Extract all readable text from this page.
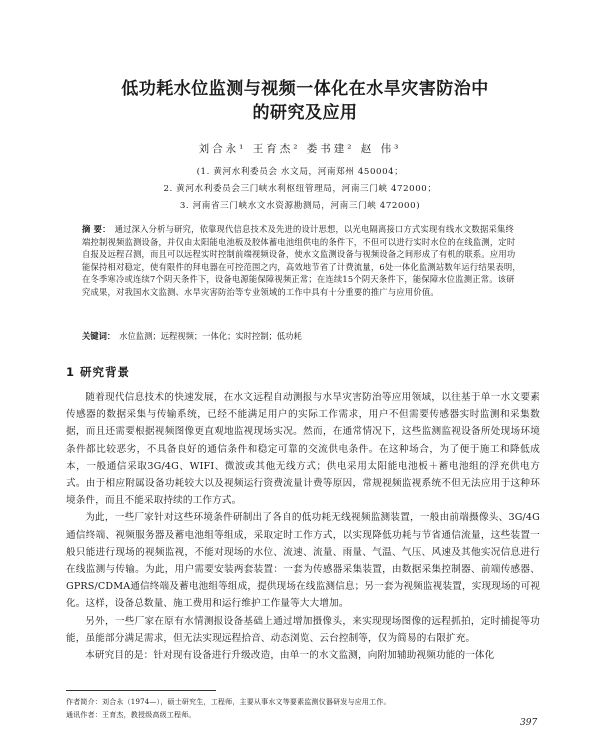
低功耗水位监测与视频一体化在水旱灾害防治中
的研究及应用
刘合永¹ 王育杰² 娄书建² 赵 伟³
(1. 黄河水利委员会 水文局，河南郑州 450004；
2. 黄河水利委员会三门峡水利枢纽管理局，河南三门峡 472000；
3. 河南省三门峡水文水资源勘测局，河南三门峡 472000)
摘 要： 通过深入分析与研究，依靠现代信息技术及先进的设计思想，以光电隔离接口方式实现有线水文数据采集终端控制视频监测设备，并仅由太阳能电池板及胶体蓄电池组供电的条件下，不但可以进行实时水位的在线监测，定时自报及远程召测，而且可以远程实时控制前端视频设备，使水文监测设备与视频设备之间形成了有机的联系。应用功能保持相对稳定，使有限件的拜电器在可控范围之内，高效地节省了计费流量，6处一体化监测站数年运行结果表明，在冬季寒冷或连续7个阴天条件下，设备电源能保障视频正常；在连续15个阴天条件下，能保障水位监测正常。该研究成果，对我国水文监测、水旱灾害防治等专业领域的工作中具有十分重要的推广与应用价值。
关键词： 水位监测；远程视频；一体化；实时控制；低功耗
1 研究背景

随着现代信息技术的快速发展，在水文远程自动测报与水旱灾害防治等应用领域，以往基于单一水文要素传感器的数据采集与传输系统，已经不能满足用户的实际工作需求，用户不但需要传感器实时监测和采集数据，而且还需要根据视频图像更直观地监视现场实况。然而，在通常情况下，这些监测监视设备所处现场环境条件都比较恶劣，不具备良好的通信条件和稳定可靠的交流供电条件。在这种场合，为了便于施工和降低成本，一般通信采取3G/4G、WIFI、微波或其他无线方式；供电采用太阳能电池板＋蓄电池组的浮充供电方式。由于相应附属设备功耗较大以及视频运行资费流量计费等原因，常规视频监视系统不但无法应用于这种环境条件，而且不能采取持续的工作方式。

为此，一些厂家针对这些环境条件研制出了各自的低功耗无线视频监测装置，一般由前端摄像头、3G/4G通信终端、视频服务器及蓄电池组等组成，采取定时工作方式，以实现降低功耗与节省通信流量，这些装置一般只能进行现场的视频监视，不能对现场的水位、流速、流量、雨量、气温、气压、风速及其他实况信息进行在线监测与传输。为此，用户需要安装两套装置：一套为传感器采集装置，由数据采集控制器、前端传感器、GPRS/CDMA通信终端及蓄电池组等组成，提供现场在线监测信息；另一套为视频监视装置，实现现场的可视化。这样，设备总数量、施工费用和运行维护工作量等大大增加。

另外，一些厂家在原有水情测报设备基础上通过增加摄像头，来实现现场图像的远程抓拍，定时捕捉等功能，虽能部分满足需求，但无法实现远程拾音、动态浏览、云台控制等，仅为简易的右限扩充。

本研究目的是：针对现有设备进行升级改造，由单一的水文监测，向附加辅助视频功能的一体化

作者简介：刘合永（1974—），硕士研究生，工程师，主要从事水文等要素监测仪器研发与应用工作。
通讯作者：王育杰，教授级高级工程师。
397
